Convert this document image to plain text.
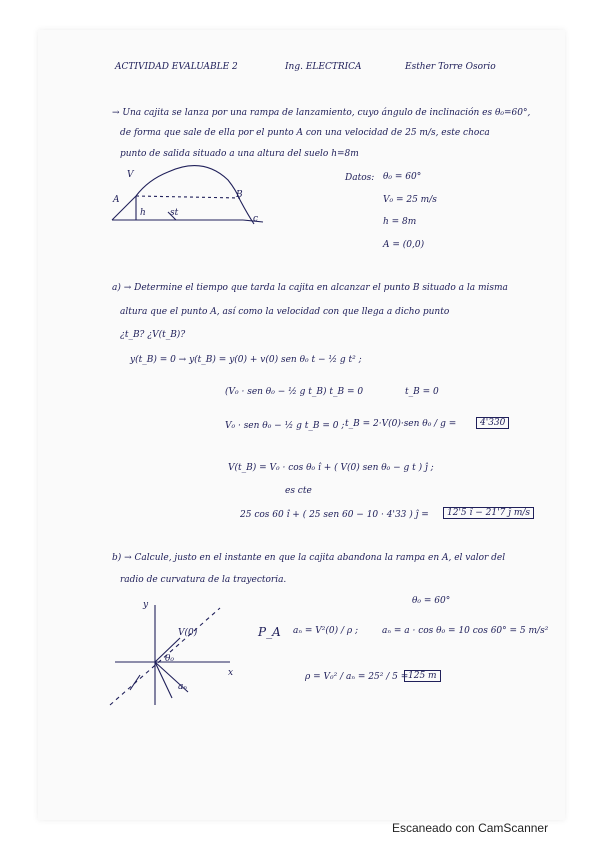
ACTIVIDAD EVALUABLE 2	Ing. ELECTRICA	Esther Torre Osorio
→ Una cajita se lanza por una rampa de lanzamiento, cuyo ángulo de inclinación es θ₀=60°,
de forma que sale de ella por el punto A con una velocidad de 25 m/s, este choca
punto de salida situado a una altura del suelo h=8m
V
A	B
c
h	st
Datos: θ₀ = 60°
V₀ = 25 m/s
h = 8m
A = (0,0)
a) → Determine el tiempo que tarda la cajita en alcanzar el punto B situado a la misma
altura que el punto A, así como la velocidad con que llega a dicho punto
¿t_B? ¿V(t_B)?
y(t_B) = 0 → y(t_B) = y(0) + v(0) sen θ₀ t − ½ g t² ;
(V₀ · sen θ₀ − ½ g t_B) t_B = 0	t_B = 0
V₀ · sen θ₀ − ½ g t_B = 0 ; t_B = 2·V(0)·sen θ₀ / g =	4'330
V(t_B) = V₀ · cos θ₀ î + ( V(0) sen θ₀ − g t ) ĵ ;
es cte
25 cos 60 î + ( 25 sen 60 − 10 · 4'33 ) ĵ =	12'5 î − 21'7 ĵ m/s
b) → Calcule, justo en el instante en que la cajita abandona la rampa en A, el valor del
radio de curvatura de la trayectoria.
θ₀ = 60°
y
x
V(0)
aₙ
θ₀
P_A aₙ = V²(0) / ρ ;	aₙ = a · cos θ₀ = 10 cos 60° = 5 m/s²
ρ = V₀² / aₙ = 25² / 5 = 125 m
Escaneado con CamScanner
